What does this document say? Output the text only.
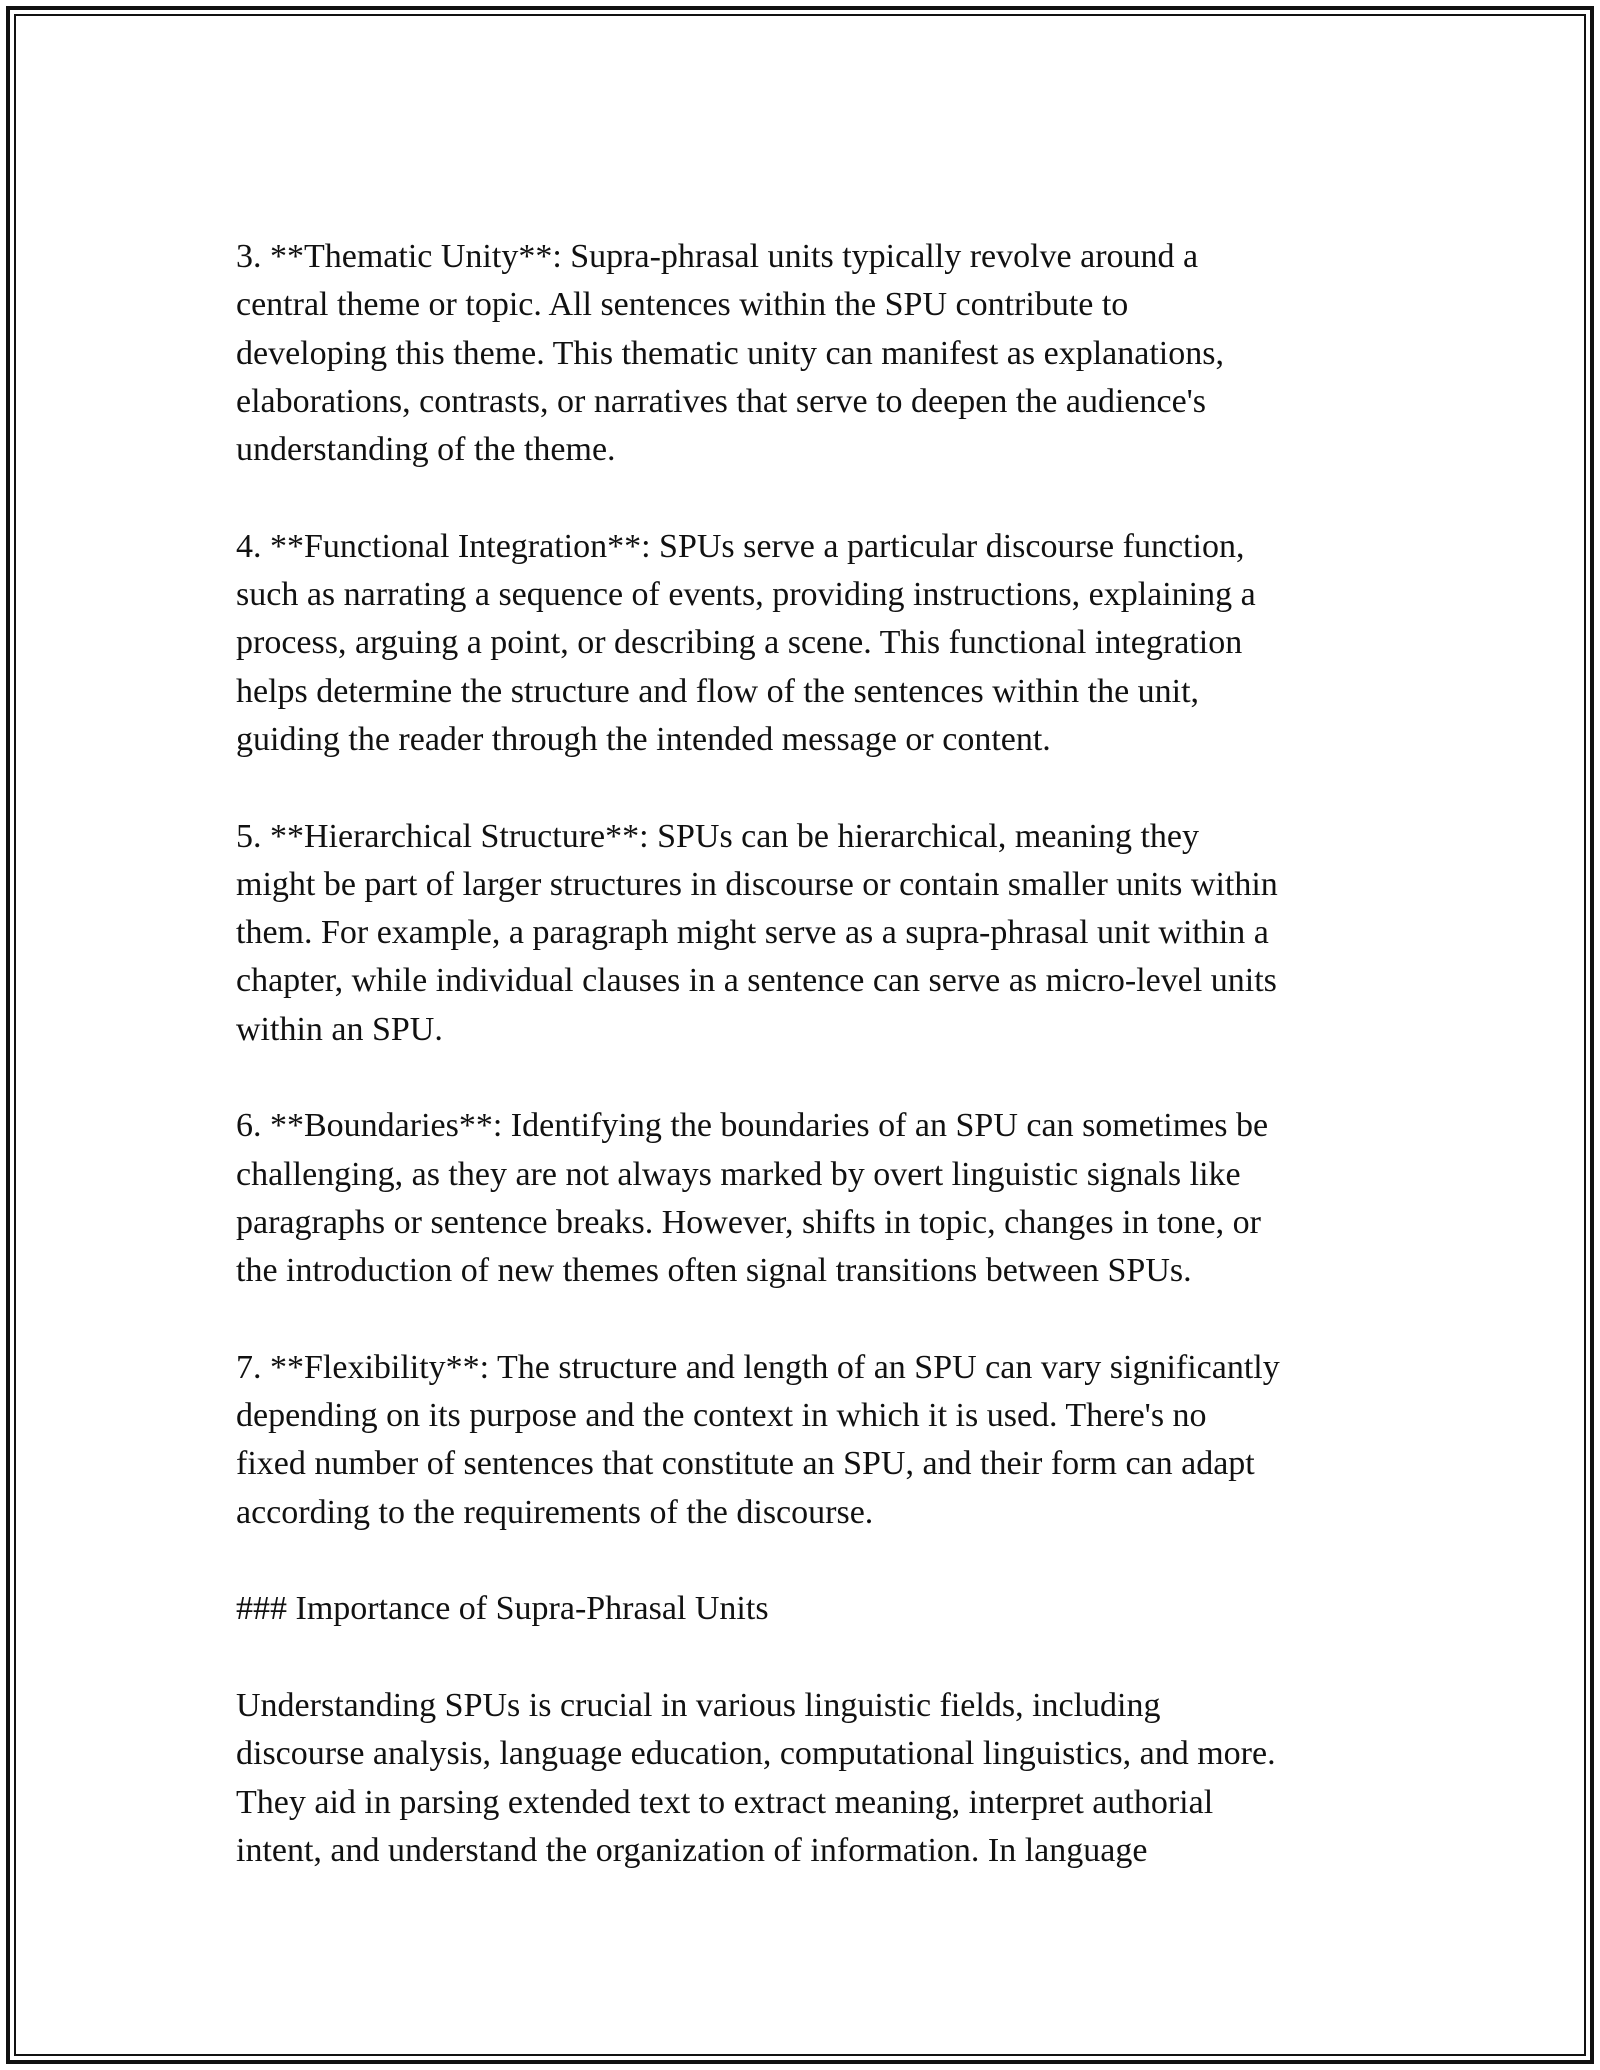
3. **Thematic Unity**: Supra-phrasal units typically revolve around a
central theme or topic. All sentences within the SPU contribute to
developing this theme. This thematic unity can manifest as explanations,
elaborations, contrasts, or narratives that serve to deepen the audience's
understanding of the theme.

4. **Functional Integration**: SPUs serve a particular discourse function,
such as narrating a sequence of events, providing instructions, explaining a
process, arguing a point, or describing a scene. This functional integration
helps determine the structure and flow of the sentences within the unit,
guiding the reader through the intended message or content.

5. **Hierarchical Structure**: SPUs can be hierarchical, meaning they
might be part of larger structures in discourse or contain smaller units within
them. For example, a paragraph might serve as a supra-phrasal unit within a
chapter, while individual clauses in a sentence can serve as micro-level units
within an SPU.

6. **Boundaries**: Identifying the boundaries of an SPU can sometimes be
challenging, as they are not always marked by overt linguistic signals like
paragraphs or sentence breaks. However, shifts in topic, changes in tone, or
the introduction of new themes often signal transitions between SPUs.

7. **Flexibility**: The structure and length of an SPU can vary significantly
depending on its purpose and the context in which it is used. There's no
fixed number of sentences that constitute an SPU, and their form can adapt
according to the requirements of the discourse.

### Importance of Supra-Phrasal Units

Understanding SPUs is crucial in various linguistic fields, including
discourse analysis, language education, computational linguistics, and more.
They aid in parsing extended text to extract meaning, interpret authorial
intent, and understand the organization of information. In language
